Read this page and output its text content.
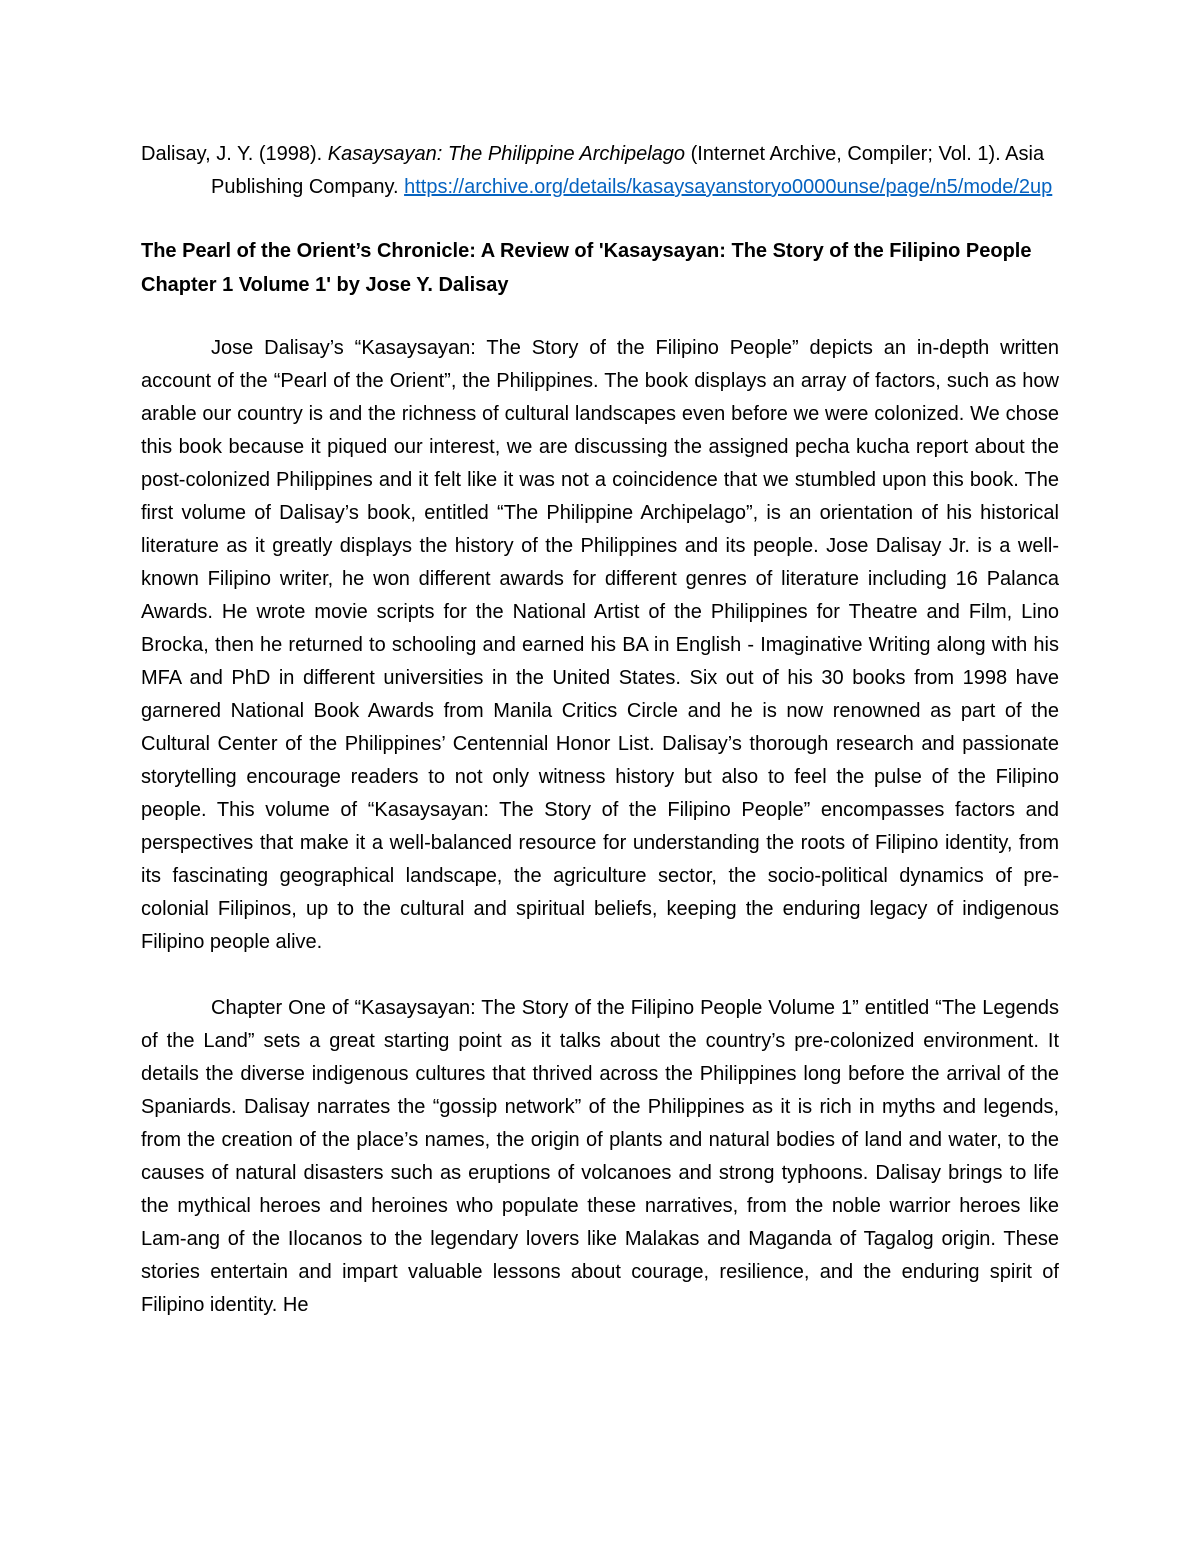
Dalisay, J. Y. (1998). Kasaysayan: The Philippine Archipelago (Internet Archive, Compiler; Vol. 1). Asia Publishing Company. https://archive.org/details/kasaysayanstoryo0000unse/page/n5/mode/2up

The Pearl of the Orient’s Chronicle: A Review of 'Kasaysayan: The Story of the Filipino People Chapter 1 Volume 1' by Jose Y. Dalisay

Jose Dalisay’s “Kasaysayan: The Story of the Filipino People” depicts an in-depth written account of the “Pearl of the Orient”, the Philippines. The book displays an array of factors, such as how arable our country is and the richness of cultural landscapes even before we were colonized. We chose this book because it piqued our interest, we are discussing the assigned pecha kucha report about the post-colonized Philippines and it felt like it was not a coincidence that we stumbled upon this book. The first volume of Dalisay’s book, entitled “The Philippine Archipelago”, is an orientation of his historical literature as it greatly displays the history of the Philippines and its people. Jose Dalisay Jr. is a well-known Filipino writer, he won different awards for different genres of literature including 16 Palanca Awards. He wrote movie scripts for the National Artist of the Philippines for Theatre and Film, Lino Brocka, then he returned to schooling and earned his BA in English - Imaginative Writing along with his MFA and PhD in different universities in the United States. Six out of his 30 books from 1998 have garnered National Book Awards from Manila Critics Circle and he is now renowned as part of the Cultural Center of the Philippines’ Centennial Honor List. Dalisay’s thorough research and passionate storytelling encourage readers to not only witness history but also to feel the pulse of the Filipino people. This volume of “Kasaysayan: The Story of the Filipino People” encompasses factors and perspectives that make it a well-balanced resource for understanding the roots of Filipino identity, from its fascinating geographical landscape, the agriculture sector, the socio-political dynamics of pre-colonial Filipinos, up to the cultural and spiritual beliefs, keeping the enduring legacy of indigenous Filipino people alive.

Chapter One of “Kasaysayan: The Story of the Filipino People Volume 1” entitled “The Legends of the Land” sets a great starting point as it talks about the country’s pre-colonized environment. It details the diverse indigenous cultures that thrived across the Philippines long before the arrival of the Spaniards. Dalisay narrates the “gossip network” of the Philippines as it is rich in myths and legends, from the creation of the place’s names, the origin of plants and natural bodies of land and water, to the causes of natural disasters such as eruptions of volcanoes and strong typhoons. Dalisay brings to life the mythical heroes and heroines who populate these narratives, from the noble warrior heroes like Lam-ang of the Ilocanos to the legendary lovers like Malakas and Maganda of Tagalog origin. These stories entertain and impart valuable lessons about courage, resilience, and the enduring spirit of Filipino identity. He
